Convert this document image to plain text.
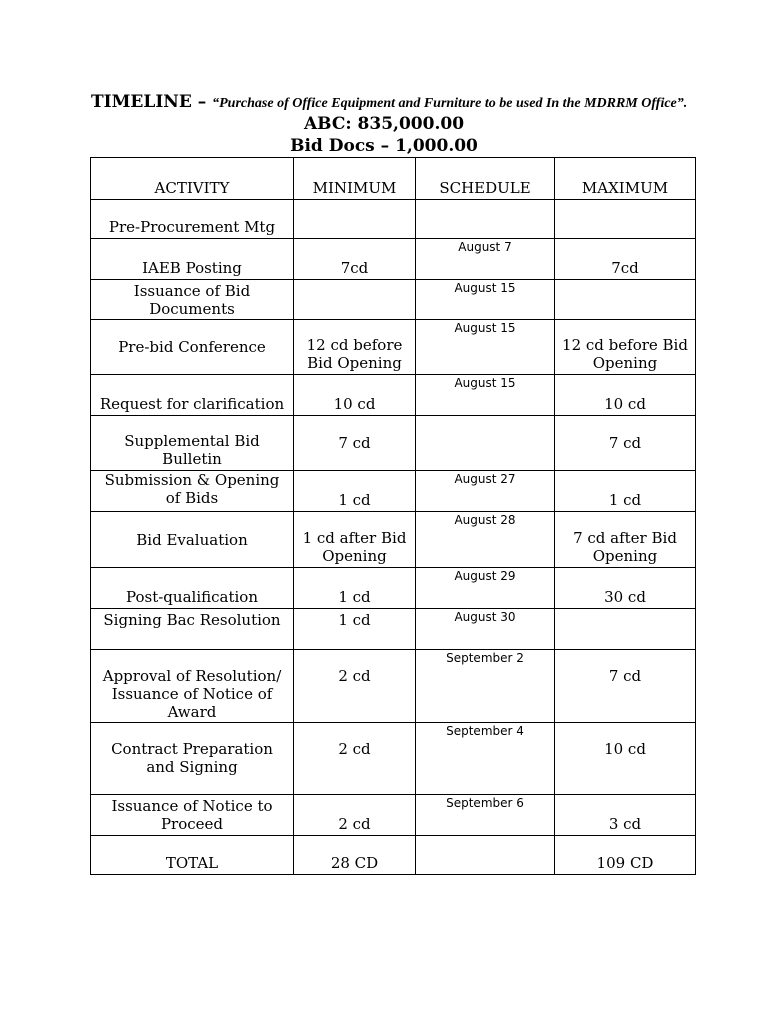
TIMELINE – “Purchase of Office Equipment and Furniture to be used In the MDRRM Office”.
ABC: 835,000.00
Bid Docs – 1,000.00
ACTIVITY	MINIMUM	SCHEDULE	MAXIMUM
Pre-Procurement Mtg			
IAEB Posting	7cd	August 7	7cd
Issuance of Bid Documents		August 15	
Pre-bid Conference	12 cd before Bid Opening	August 15	12 cd before Bid Opening
Request for clarification	10 cd	August 15	10 cd
Supplemental Bid Bulletin	7 cd		7 cd
Submission & Opening of Bids	1 cd	August 27	1 cd
Bid Evaluation	1 cd after Bid Opening	August 28	7 cd after Bid Opening
Post-qualification	1 cd	August 29	30 cd
Signing Bac Resolution	1 cd	August 30	
Approval of Resolution/ Issuance of Notice of Award	2 cd	September 2	7 cd
Contract Preparation and Signing	2 cd	September 4	10 cd
Issuance of Notice to Proceed	2 cd	September 6	3 cd
TOTAL	28 CD		109 CD
